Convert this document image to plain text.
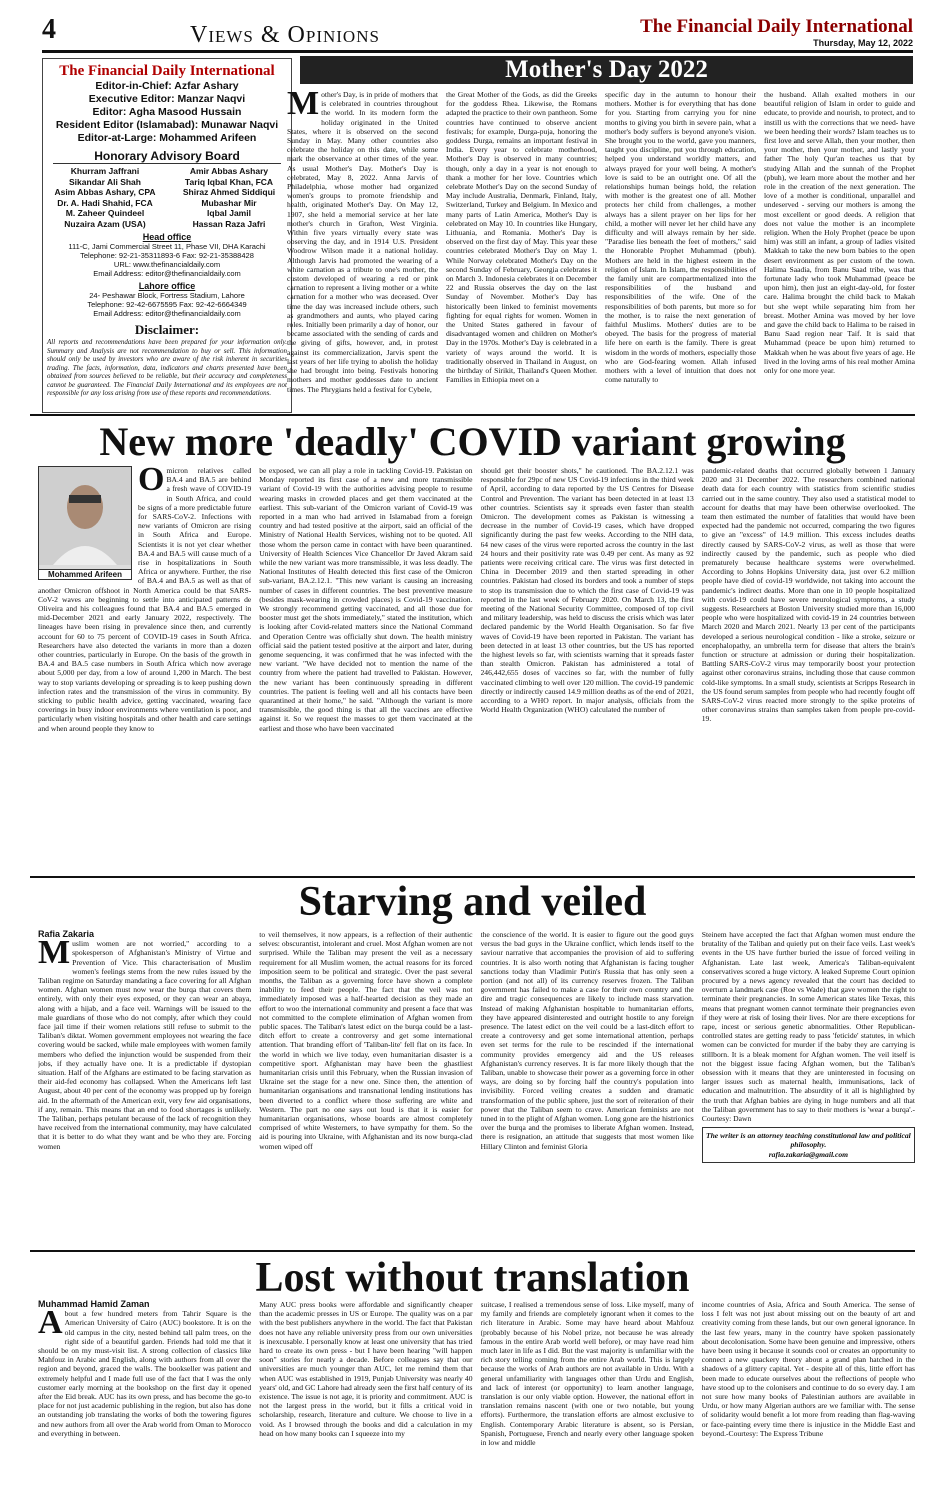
4	Views & Opinions	The Financial Daily International
Thursday, May 12, 2022
The Financial Daily International
Editor-in-Chief: Azfar Ashary
Executive Editor: Manzar Naqvi
Editor: Agha Masood Hussain
Resident Editor (Islamabad): Munawar Naqvi
Editor-at-Large: Mohammed Arifeen
Honorary Advisory Board
Khurram Jaffrani
Sikandar Ali Shah
Asim Abbas Ashary, CPA
Dr. A. Hadi Shahid, FCA
M. Zaheer Quindeel
Nuzaira Azam (USA)
Amir Abbas Ashary
Tariq Iqbal Khan, FCA
Shiraz Ahmed Siddiqui
Mubashar Mir
Iqbal Jamil
Hassan Raza Jafri
Head office
111-C, Jami Commercial Street 11, Phase VII, DHA Karachi
Telephone: 92-21-35311893-6 Fax: 92-21-35388428
URL: www.thefinancialdaily.com
Email Address: editor@thefinancialdaily.com
Lahore office
24- Peshawar Block, Fortress Stadium, Lahore
Telephone: 92-42-6675595 Fax: 92-42-6664349
Email Address: editor@thefinancialdaily.com
Disclaimer:
All reports and recommendations have been prepared for your information only. Summary and Analysis are not recommendation to buy or sell. This information should only be used by investors who are aware of the risk inherent in securities trading. The facts, information, data, indicators and charts presented have been obtained from sources believed to be reliable, but their accuracy and completeness cannot be guaranteed. The Financial Daily International and its employees are not responsible for any loss arising from use of these reports and recommendations.
Mother's Day 2022
Mother's Day, is in pride of mothers that is celebrated in countries throughout the world. In its modern form the holiday originated in the United States, where it is observed on the second Sunday in May. Many other countries also celebrate the holiday on this date, while some mark the observance at other times of the year. As usual Mother's Day. Mother's Day is celebrated, May 8, 2022. Anna Jarvis of Philadelphia, whose mother had organized women's groups to promote friendship and health, originated Mother's Day. On May 12, 1907, she held a memorial service at her late mother's church in Grafton, West Virginia. Within five years virtually every state was observing the day, and in 1914 U.S. President Woodrow Wilson made it a national holiday. Although Jarvis had promoted the wearing of a white carnation as a tribute to one's mother, the custom developed of wearing a red or pink carnation to represent a living mother or a white carnation for a mother who was deceased. Over time the day was increased include others, such as grandmothers and aunts, who played caring roles. Initially been primarily a day of honor, our became associated with the sending of cards and the giving of gifts, however, and, in protest against its commercialization, Jarvis spent the last years of her life trying to abolish the holiday she had brought into being. Festivals honoring mothers and mother goddesses date to ancient times. The Phrygians held a festival for Cybele,
the Great Mother of the Gods, as did the Greeks for the goddess Rhea. Likewise, the Romans adapted the practice to their own pantheon. Some countries have continued to observe ancient festivals; for example, Durga-puja, honoring the goddess Durga, remains an important festival in India. Every year to celebrate motherhood, Mother's Day is observed in many countries; though, only a day in a year is not enough to thank a mother for her love. Countries which celebrate Mother's Day on the second Sunday of May include Australia, Denmark, Finland, Italy, Switzerland, Turkey and Belgium. In Mexico and many parts of Latin America, Mother's Day is celebrated on May 10. In countries like Hungary, Lithuania, and Romania. Mother's Day is observed on the first day of May. This year these countries celebrated Mother's Day on May 1. While Norway celebrated Mother's Day on the second Sunday of February, Georgia celebrates it on March 3. Indonesia celebrates it on December 22 and Russia observes the day on the last Sunday of November. Mother's Day has historically been linked to feminist movements fighting for equal rights for women. Women in the United States gathered in favour of disadvantaged women and children on Mother's Day in the 1970s. Mother's Day is celebrated in a variety of ways around the world. It is traditionally observed in Thailand in August, on the birthday of Sirikit, Thailand's Queen Mother. Families in Ethiopia meet on a
specific day in the autumn to honour their mothers. Mother is for everything that has done for you. Starting from carrying you for nine months to giving you birth in severe pain, what a mother's body suffers is beyond anyone's vision. She brought you to the world, gave you manners, taught you discipline, put you through education, helped you understand worldly matters, and always prayed for your well being. A mother's love is said to be an outright one. Of all the relationships human beings hold, the relation with mother is the greatest one of all. Mother protects her child from challenges, a mother always has a silent prayer on her lips for her child, a mother will never let her child have any difficulty and will always remain by her side. "Paradise lies beneath the feet of mothers," said the Honorable Prophet Muhammad (pbuh). Mothers are held in the highest esteem in the religion of Islam. In Islam, the responsibilities of the family unit are compartmentalized into the responsibilities of the husband and responsibilities of the wife. One of the responsibilities of both parents, but more so for the mother, is to raise the next generation of faithful Muslims. Mothers' duties are to be obeyed. The basis for the progress of material life here on earth is the family. There is great wisdom in the words of mothers, especially those who are God-fearing women. Allah infused mothers with a level of intuition that does not come naturally to
the husband. Allah exalted mothers in our beautiful religion of Islam in order to guide and educate, to provide and nourish, to protect, and to instill us with the corrections that we need- have we been heeding their words? Islam teaches us to first love and serve Allah, then your mother, then your mother, then your mother, and lastly your father The holy Qur'an teaches us that by studying Allah and the sunnah of the Prophet (pbuh), we learn more about the mother and her role in the creation of the next generation. The love of a mother is conditional, unparallel and undeserved - serving our mothers is among the most excellent or good deeds. A religion that does not value the mother is an incomplete religion. When the Holy Prophet (peace be upon him) was still an infant, a group of ladies visited Makkah to take the new born babies to the open desert environment as per custom of the town. Halima Saadia, from Banu Saad tribe, was that fortunate lady who took Muhammad (peace be upon him), then just an eight-day-old, for foster care. Halima brought the child back to Makah but she wept while separating him from her breast. Mother Amina was moved by her love and gave the child back to Halima to be raised in Banu Saad region near Taif. It is said that Muhammad (peace be upon him) returned to Makkah when he was about five years of age. He lived in the loving arms of his real mother Amina only for one more year.
New more 'deadly' COVID variant growing
Mohammed Arifeen
O micron relatives called BA.4 and BA.5 are behind a fresh wave of COVID-19 in South Africa, and could be signs of a more predictable future for SARS-CoV-2. Infections with new variants of Omicron are rising in South Africa and Europe. Scientists it is not yet clear whether BA.4 and BA.5 will cause much of a rise in hospitalizations in South Africa or anywhere. Further, the rise of BA.4 and BA.5 as well as that of another Omicron offshoot in North America could be that SARS-CoV-2 waves are beginning to settle into anticipated patterns de Oliveira and his colleagues found that BA.4 and BA.5 emerged in mid-December 2021 and early January 2022, respectively. The lineages have been rising in prevalence since then, and currently account for 60 to 75 percent of COVID-19 cases in South Africa. Researchers have also detected the variants in more than a dozen other countries, particularly in Europe. On the basis of the growth in BA.4 and BA.5 case numbers in South Africa which now average about 5,000 per day, from a low of around 1,200 in March. The best way to stop variants developing or spreading is to keep pushing down infection rates and the transmission of the virus in community. By sticking to public health advice, getting vaccinated, wearing face coverings in busy indoor environments where ventilation is poor, and particularly when visiting hospitals and other health and care settings and when around people they know to
be exposed, we can all play a role in tackling Covid-19. Pakistan on Monday reported its first case of a new and more transmissible variant of Covid-19 with the authorities advising people to resume wearing masks in crowded places and get them vaccinated at the earliest. This sub-variant of the Omicron variant of Covid-19 was reported in a man who had arrived in Islamabad from a foreign country and had tested positive at the airport, said an official of the Ministry of National Health Services, wishing not to be quoted. All those whom the person came in contact with have been quarantined. University of Health Sciences Vice Chancellor Dr Javed Akram said while the new variant was more transmissible, it was less deadly. The National Institutes of Health detected this first case of the Omicron sub-variant, BA.2.12.1. "This new variant is causing an increasing number of cases in different countries. The best preventive measure (besides mask-wearing in crowded places) is Covid-19 vaccination. We strongly recommend getting vaccinated, and all those due for booster must get the shots immediately," stated the institution, which is looking after Covid-related matters since the National Command and Operation Centre was officially shut down. The health ministry official said the patient tested positive at the airport and later, during genome sequencing, it was confirmed that he was infected with the new variant. "We have decided not to mention the name of the country from where the patient had travelled to Pakistan. However, the new variant has been continuously spreading in different countries. The patient is feeling well and all his contacts have been quarantined at their home," he said. "Although the variant is more transmissible, the good thing is that all the vaccines are effective against it. So we request the masses to get them vaccinated at the earliest and those who have been vaccinated
should get their booster shots," he cautioned. The BA.2.12.1 was responsible for 29pc of new US Covid-19 infections in the third week of April, according to data reported by the US Centres for Disease Control and Prevention. The variant has been detected in at least 13 other countries. Scientists say it spreads even faster than stealth Omicron. The development comes as Pakistan is witnessing a decrease in the number of Covid-19 cases, which have dropped significantly during the past few weeks. According to the NIH data, 64 new cases of the virus were reported across the country in the last 24 hours and their positivity rate was 0.49 per cent. As many as 92 patients were receiving critical care. The virus was first detected in China in December 2019 and then started spreading in other countries. Pakistan had closed its borders and took a number of steps to stop its transmission due to which the first case of Covid-19 was reported in the last week of February 2020. On March 13, the first meeting of the National Security Committee, composed of top civil and military leadership, was held to discuss the crisis which was later declared pandemic by the World Health Organisation. So far five waves of Covid-19 have been reported in Pakistan. The variant has been detected in at least 13 other countries, but the US has reported the highest levels so far, with scientists warning that it spreads faster than stealth Omicron. Pakistan has administered a total of 246,442,655 doses of vaccines so far, with the number of fully vaccinated climbing to well over 120 million. The covid-19 pandemic directly or indirectly caused 14.9 million deaths as of the end of 2021, according to a WHO report. In major analysis, officials from the World Health Organization (WHO) calculated the number of
pandemic-related deaths that occurred globally between 1 January 2020 and 31 December 2022. The researchers combined national death data for each country with statistics from scientific studies carried out in the same country. They also used a statistical model to account for deaths that may have been otherwise overlooked. The team then estimated the number of fatalities that would have been expected had the pandemic not occurred, comparing the two figures to give an "excess" of 14.9 million. This excess includes deaths directly caused by SARS-CoV-2 virus, as well as those that were indirectly caused by the pandemic, such as people who died prematurely because healthcare systems were overwhelmed. According to Johns Hopkins University data, just over 6.2 million people have died of covid-19 worldwide, not taking into account the pandemic's indirect deaths. More than one in 10 people hospitalized with covid-19 could have severe neurological symptoms, a study suggests. Researchers at Boston University studied more than 16,000 people who were hospitalized with covid-19 in 24 countries between March 2020 and March 2021. Nearly 13 per cent of the participants developed a serious neurological condition - like a stroke, seizure or encephalopathy, an umbrella term for disease that alters the brain's function or structure at admission or during their hospitalization. Battling SARS-CoV-2 virus may temporarily boost your protection against other coronavirus strains, including those that cause common cold-like symptoms. In a small study, scientists at Scripps Research in the US found serum samples from people who had recently fought off SARS-CoV-2 virus reacted more strongly to the spike proteins of other coronavirus strains than samples taken from people pre-covid-19.
Starving and veiled
Rafia Zakaria
M uslim women are not worried," according to a spokesperson of Afghanistan's Ministry of Virtue and Prevention of Vice. This characterisation of Muslim women's feelings stems from the new rules issued by the Taliban regime on Saturday mandating a face covering for all Afghan women. Afghan women must now wear the burqa that covers them entirely, with only their eyes exposed, or they can wear an abaya, along with a hijab, and a face veil. Warnings will be issued to the male guardians of those who do not comply, after which they could face jail time if their women relations still refuse to submit to the Taliban's diktat. Women government employees not wearing the face covering would be sacked, while male employees with women family members who defied the injunction would be suspended from their jobs, if they actually have one. It is a predictable if dystopian situation. Half of the Afghans are estimated to be facing starvation as their aid-fed economy has collapsed. When the Americans left last August, about 40 per cent of the economy was propped up by foreign aid. In the aftermath of the American exit, very few aid organisations, if any, remain. This means that an end to food shortages is unlikely. The Taliban, perhaps petulant because of the lack of recognition they have received from the international community, may have calculated that it is better to do what they want and be who they are. Forcing women
to veil themselves, it now appears, is a reflection of their authentic selves: obscurantist, intolerant and cruel. Most Afghan women are not surprised. While the Taliban may present the veil as a necessary requirement for all Muslim women, the actual reasons for its forced imposition seem to be political and strategic. Over the past several months, the Taliban as a governing force have shown a complete inability to feed their people. The fact that the veil was not immediately imposed was a half-hearted decision as they made an effort to woo the international community and present a face that was not committed to the complete elimination of Afghan women from public spaces. The Taliban's latest edict on the burqa could be a last-ditch effort to create a controversy and get some international attention. That branding effort of 'Taliban-lite' fell flat on its face. In the world in which we live today, even humanitarian disaster is a competitive sport. Afghanistan may have been the ghastliest humanitarian crisis until this February, when the Russian invasion of Ukraine set the stage for a new one. Since then, the attention of humanitarian organisations and transnational lending institutions has been diverted to a conflict where those suffering are white and Western. The part no one says out loud is that it is easier for humanitarian organisations, whose boards are almost completely comprised of white Westerners, to have sympathy for them. So the aid is pouring into Ukraine, with Afghanistan and its now burqa-clad women wiped off
the conscience of the world. It is easier to figure out the good guys versus the bad guys in the Ukraine conflict, which lends itself to the saviour narrative that accompanies the provision of aid to suffering countries. It is also worth noting that Afghanistan is facing tougher sanctions today than Vladimir Putin's Russia that has only seen a portion (and not all) of its currency reserves frozen. The Taliban government has failed to make a case for their own country and the dire and tragic consequences are likely to include mass starvation. Instead of making Afghanistan hospitable to humanitarian efforts, they have appeared disinterested and outright hostile to any foreign presence. The latest edict on the veil could be a last-ditch effort to create a controversy and get some international attention, perhaps even set terms for the rule to be rescinded if the international community provides emergency aid and the US releases Afghanistan's currency reserves. It is far more likely though that the Taliban, unable to showcase their power as a governing force in other ways, are doing so by forcing half the country's population into invisibility. Forced veiling creates a sudden and dramatic transformation of the public sphere, just the sort of reiteration of their power that the Taliban seem to crave. American feminists are not tuned in to the plight of Afghan women. Long gone are the histrionics over the burqa and the promises to liberate Afghan women. Instead, there is resignation, an attitude that suggests that most women like Hillary Clinton and feminist Gloria
Steinem have accepted the fact that Afghan women must endure the brutality of the Taliban and quietly put on their face veils. Last week's events in the US have further buried the issue of forced veiling in Afghanistan. Late last week, America's Taliban-equivalent conservatives scored a huge victory. A leaked Supreme Court opinion procured by a news agency revealed that the court has decided to overturn a landmark case (Roe vs Wade) that gave women the right to terminate their pregnancies. In some American states like Texas, this means that pregnant women cannot terminate their pregnancies even if they were at risk of losing their lives. Nor are there exceptions for rape, incest or serious genetic abnormalities. Other Republican-controlled states are getting ready to pass 'feticide' statutes, in which women can be convicted for murder if the baby they are carrying is stillborn. It is a bleak moment for Afghan women. The veil itself is not the biggest issue facing Afghan women, but the Taliban's obsession with it means that they are uninterested in focusing on larger issues such as maternal health, immunisations, lack of education and malnutrition. The absurdity of it all is highlighted by the truth that Afghan babies are dying in huge numbers and all that the Taliban government has to say to their mothers is 'wear a burqa'.-Courtesy: Dawn
The writer is an attorney teaching constitutional law and political philosophy.
rafia.zakaria@gmail.com
Lost without translation
Muhammad Hamid Zaman
A bout a few hundred meters from Tahrir Square is the American University of Cairo (AUC) bookstore. It is on the old campus in the city, nested behind tall palm trees, on the right side of a beautiful garden. Friends had told me that it should be on my must-visit list. A strong collection of classics like Mahfouz in Arabic and English, along with authors from all over the region and beyond, graced the walls. The bookseller was patient and extremely helpful and I made full use of the fact that I was the only customer early morning at the bookshop on the first day it opened after the Eid break. AUC has its own press, and has become the go-to place for not just academic publishing in the region, but also has done an outstanding job translating the works of both the towering figures and new authors from all over the Arab world from Oman to Morocco and everything in between.
Many AUC press books were affordable and significantly cheaper than the academic presses in US or Europe. The quality was on a par with the best publishers anywhere in the world. The fact that Pakistan does not have any reliable university press from our own universities is inexcusable. I personally know at least one university that has tried hard to create its own press - but I have been hearing "will happen soon" stories for nearly a decade. Before colleagues say that our universities are much younger than AUC, let me remind them that when AUC was established in 1919, Punjab University was nearly 40 years' old, and GC Lahore had already seen the first half century of its existence. The issue is not age, it is priority and commitment. AUC is not the largest press in the world, but it fills a critical void in scholarship, research, literature and culture. We choose to live in a void. As I browsed through the books and did a calculation in my head on how many books can I squeeze into my
suitcase, I realised a tremendous sense of loss. Like myself, many of my family and friends are completely ignorant when it comes to the rich literature in Arabic. Some may have heard about Mahfouz (probably because of his Nobel prize, not because he was already famous in the entire Arab world well before), or may have read him much later in life as I did. But the vast majority is unfamiliar with the rich story telling coming from the entire Arab world. This is largely because the works of Arab authors are not available in Urdu. With a general unfamiliarity with languages other than Urdu and English, and lack of interest (or opportunity) to learn another language, translation is our only viable option. However, the national effort in translation remains nascent (with one or two notable, but young efforts). Furthermore, the translation efforts are almost exclusive to English. Contemporary Arabic literature is absent, so is Persian, Spanish, Portuguese, French and nearly every other language spoken in low and middle
income countries of Asia, Africa and South America. The sense of loss I felt was not just about missing out on the beauty of art and creativity coming from these lands, but our own general ignorance. In the last few years, many in the country have spoken passionately about decolonisation. Some have been genuine and impressive, others have been using it because it sounds cool or creates an opportunity to connect a new quackery theory about a grand plan hatched in the shadows of a glittery capital. Yet - despite all of this, little effort has been made to educate ourselves about the reflections of people who have stood up to the colonisers and continue to do so every day. I am not sure how many books of Palestinian authors are available in Urdu, or how many Algerian authors are we familiar with. The sense of solidarity would benefit a lot more from reading than flag-waving or face-painting every time there is injustice in the Middle East and beyond.-Courtesy: The Express Tribune
